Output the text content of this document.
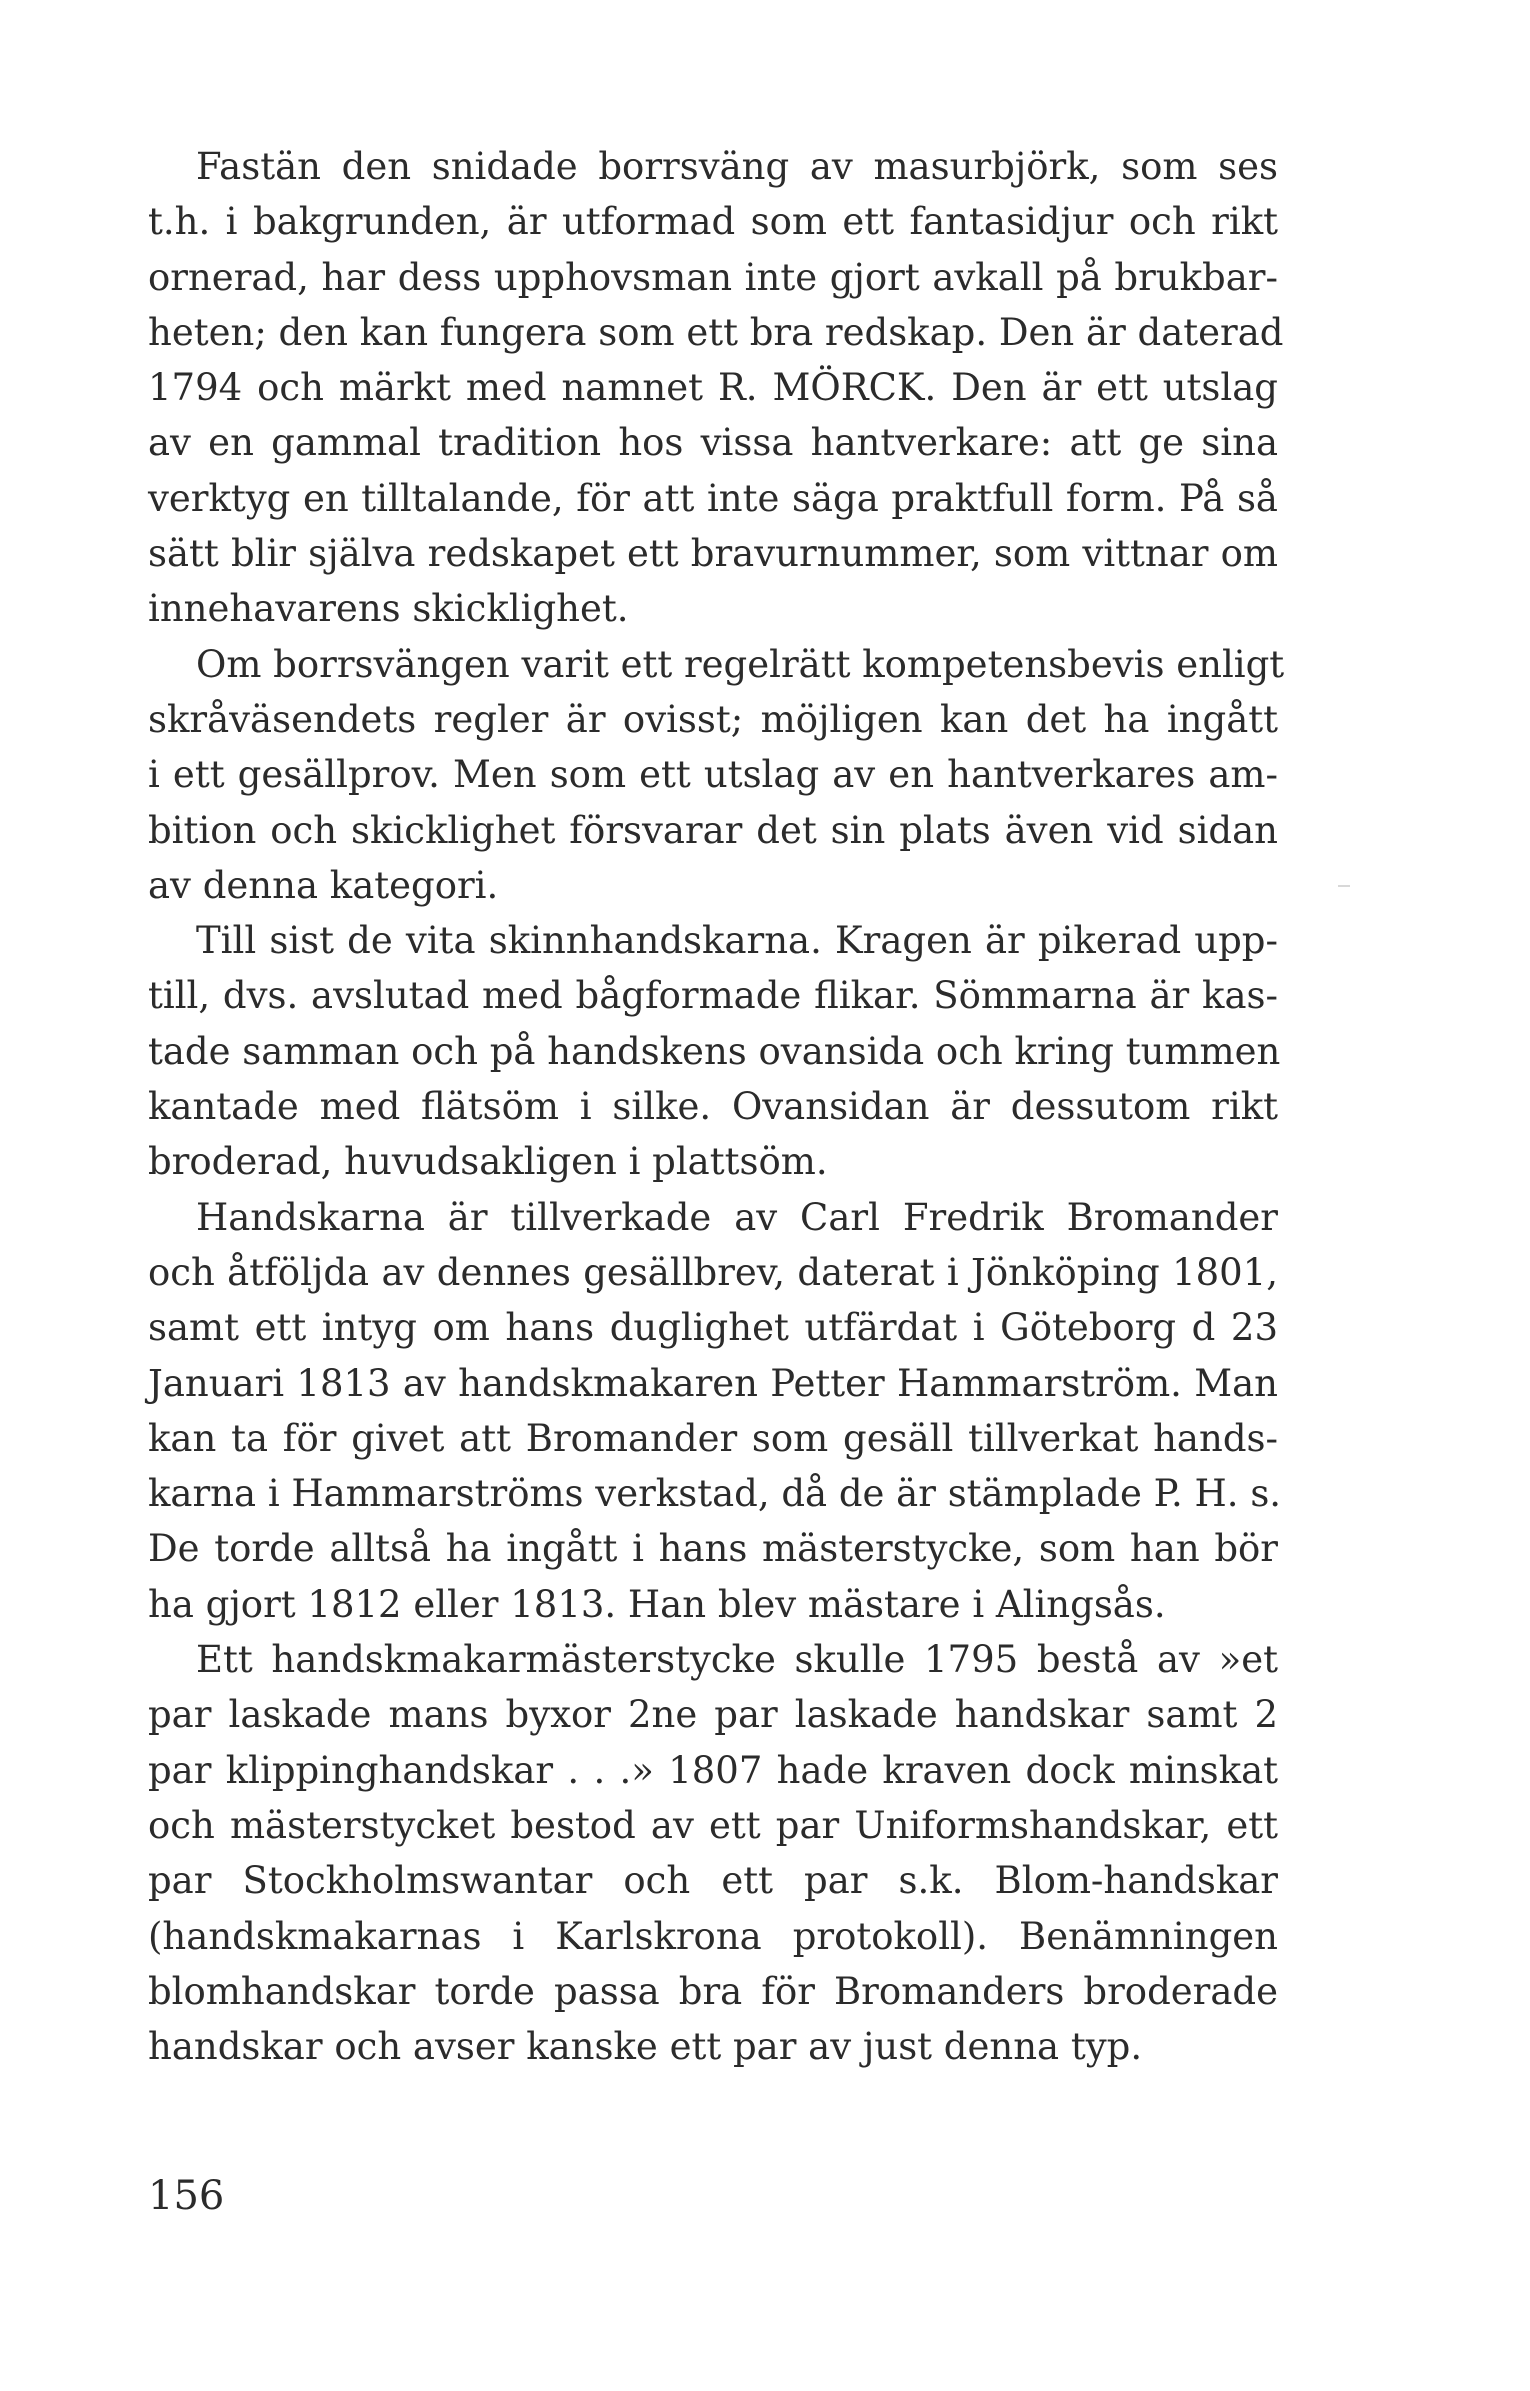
Fastän den snidade borrsväng av masurbjörk, som ses
t.h. i bakgrunden, är utformad som ett fantasidjur och rikt
ornerad, har dess upphovsman inte gjort avkall på brukbar-
heten; den kan fungera som ett bra redskap. Den är daterad
1794 och märkt med namnet R. MÖRCK. Den är ett utslag
av en gammal tradition hos vissa hantverkare: att ge sina
verktyg en tilltalande, för att inte säga praktfull form. På så
sätt blir själva redskapet ett bravurnummer, som vittnar om
innehavarens skicklighet.
Om borrsvängen varit ett regelrätt kompetensbevis enligt
skråväsendets regler är ovisst; möjligen kan det ha ingått
i ett gesällprov. Men som ett utslag av en hantverkares am-
bition och skicklighet försvarar det sin plats även vid sidan
av denna kategori.
Till sist de vita skinnhandskarna. Kragen är pikerad upp-
till, dvs. avslutad med bågformade flikar. Sömmarna är kas-
tade samman och på handskens ovansida och kring tummen
kantade med flätsöm i silke. Ovansidan är dessutom rikt
broderad, huvudsakligen i plattsöm.
Handskarna är tillverkade av Carl Fredrik Bromander
och åtföljda av dennes gesällbrev, daterat i Jönköping 1801,
samt ett intyg om hans duglighet utfärdat i Göteborg d 23
Januari 1813 av handskmakaren Petter Hammarström. Man
kan ta för givet att Bromander som gesäll tillverkat hands-
karna i Hammarströms verkstad, då de är stämplade P. H. s.
De torde alltså ha ingått i hans mästerstycke, som han bör
ha gjort 1812 eller 1813. Han blev mästare i Alingsås.
Ett handskmakarmästerstycke skulle 1795 bestå av »et
par laskade mans byxor 2ne par laskade handskar samt 2
par klippinghandskar . . .» 1807 hade kraven dock minskat
och mästerstycket bestod av ett par Uniformshandskar, ett
par Stockholmswantar och ett par s.k. Blom-handskar
(handskmakarnas i Karlskrona protokoll). Benämningen
blomhandskar torde passa bra för Bromanders broderade
handskar och avser kanske ett par av just denna typ.
156
